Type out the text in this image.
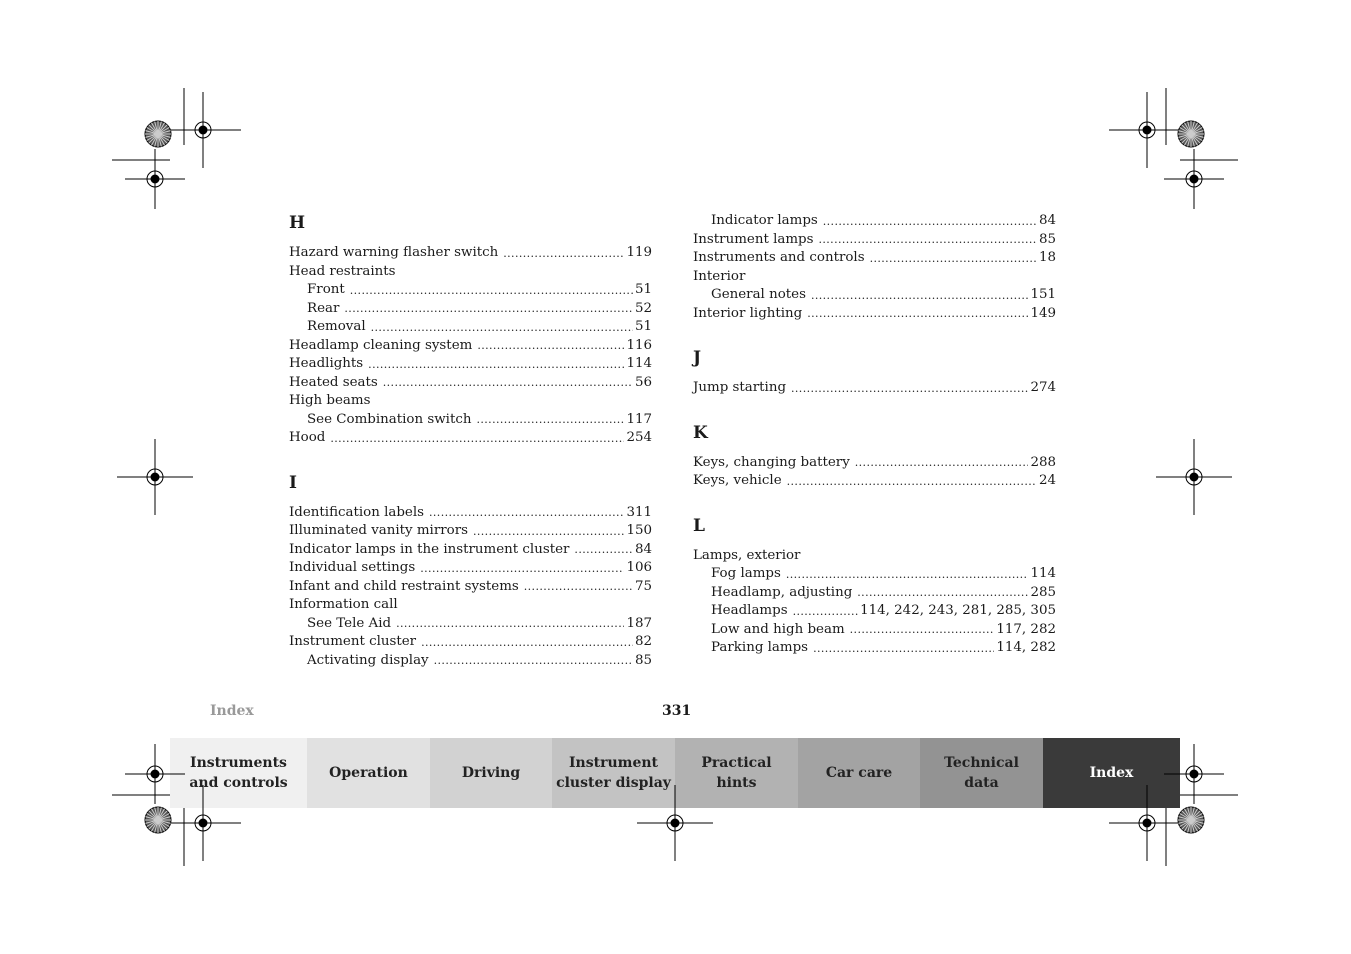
H
Hazard warning flasher switch .....	119
Head restraints
Front .....	51
Rear .....	52
Removal .....	51
Headlamp cleaning system .....	116
Headlights .....	114
Heated seats .....	56
High beams
See Combination switch .....	117
Hood .....	254
I
Identification labels .....	311
Illuminated vanity mirrors .....	150
Indicator lamps in the instrument cluster .....	84
Individual settings .....	106
Infant and child restraint systems .....	75
Information call
See Tele Aid .....	187
Instrument cluster .....	82
Activating display .....	85
Indicator lamps .....	84
Instrument lamps .....	85
Instruments and controls .....	18
Interior
General notes .....	151
Interior lighting .....	149
J
Jump starting .....	274
K
Keys, changing battery .....	288
Keys, vehicle .....	24
L
Lamps, exterior
Fog lamps .....	114
Headlamp, adjusting .....	285
Headlamps .....	114, 242, 243, 281, 285, 305
Low and high beam .....	117, 282
Parking lamps .....	114, 282
Index	331
Instruments
and controls
Operation	Driving
Instrument
cluster display
Practical hints
Car care
Technical
data
Index
